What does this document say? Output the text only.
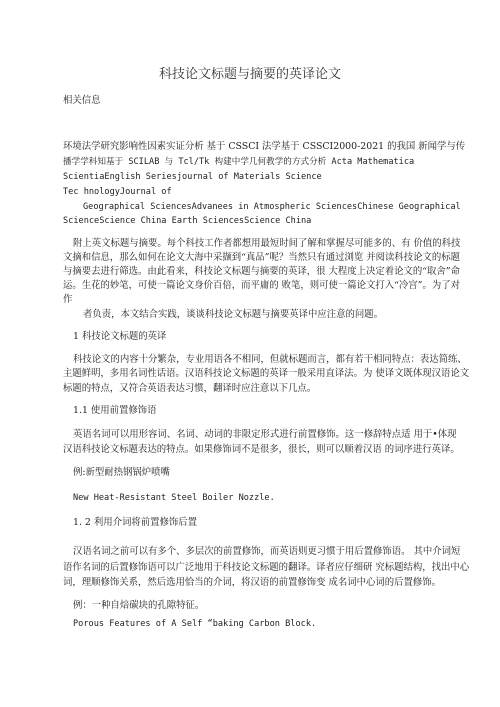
科技论文标题与摘要的英译论文
相关信息
环境法学研究影响性因素实证分析 基于 CSSCI 法学基于 CSSCI2000-2021 的我国 新闻学与传
播学学科知基于 SCILAB 与 Tcl/Tk 构建中学几何教学的方式分析 Acta Mathematica
ScientiaEnglish Seriesjournal of Materials Science
Tec hnologyJournal of
Geographical SciencesAdvanees in Atmospheric SciencesChinese Geographical
ScienceScience China Earth SciencesScience China
附上英文标题与摘要。每个科技工作者都想用最短时间了解和掌握尽可能多的、有 价值的科技
文摘和信息，那么如何在论文大海中采撷到“真品”呢？当然只有通过浏览 并阅读科技论文的标题
与摘要去进行筛选。由此看来，科技论文标题与摘要的英译，很 大程度上决定着论文的“取舍”命
运。生花的妙笔，可使一篇论文身价百倍，而平庸的 败笔，则可使一篇论文打入“冷宫”。为了对
作
者负责，本文结合实践，谈谈科技论文标题与摘要英译中应注意的问题。
1 科技论文标题的英译
科技论文的内容十分繁杂，专业用语各不相同，但就标题而言，都有若干相同特点：表达简练、
主题鲜明，多用名词性话语。汉语科技论文标题的英译一般采用直译法。为 使译文既体现汉语论文
标题的特点，又符合英语表达习惯，翻译时应注意以下几点。
1.1 使用前置修饰语
英语名词可以用形容词、名词、动词的非限定形式进行前置修饰。这一修辞特点适 用于•体现
汉语科技论文标题表达的特点。如果修饰词不是很多，很长，则可以顺着汉语 的词序进行英译。
例:新型耐热钢锅炉喷嘴
New Heat-Resistant Steel Boiler Nozzle.
1. 2 利用介词将前置修饰后置
汉语名词之前可以有多个、多层次的前置修饰，而英语则更习惯于用后置修饰语。 其中介词短
语作名词的后置修饰语可以广泛地用于科技论文标题的翻译。译者应仔细研 究标题结构，找出中心
词，理顺修饰关系，然后选用恰当的介词，将汉语的前置修饰变 成名词中心词的后置修饰。
例：一种自焙碳块的孔隙特征。
Porous Features of A Self “baking Carbon Block.
